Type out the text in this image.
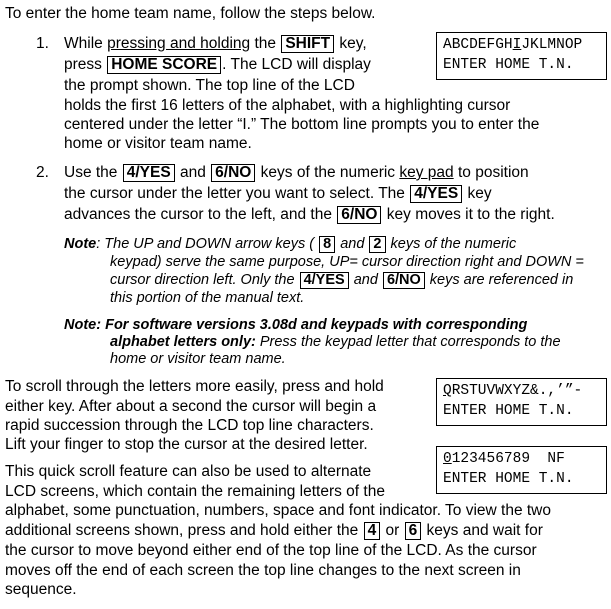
To enter the home team name, follow the steps below.
1. While pressing and holding the SHIFT key,
press HOME SCORE . The LCD will display
the prompt shown. The top line of the LCD
holds the first 16 letters of the alphabet, with a highlighting cursor
centered under the letter “I.” The bottom line prompts you to enter the
home or visitor team name.
ABCDEFGHIJKLMNOP
ENTER HOME T.N.
2. Use the 4/YES and 6/NO keys of the numeric key pad to position
the cursor under the letter you want to select. The 4/YES key
advances the cursor to the left, and the 6/NO key moves it to the right.
Note: The UP and DOWN arrow keys ( 8 and 2 keys of the numeric
keypad) serve the same purpose, UP= cursor direction right and DOWN =
cursor direction left. Only the 4/YES and 6/NO keys are referenced in
this portion of the manual text.
Note: For software versions 3.08d and keypads with corresponding
alphabet letters only: Press the keypad letter that corresponds to the
home or visitor team name.
To scroll through the letters more easily, press and hold
either key. After about a second the cursor will begin a
rapid succession through the LCD top line characters.
Lift your finger to stop the cursor at the desired letter.
QRSTUVWXYZ&.,’”-
ENTER HOME T.N.
0123456789  NF
ENTER HOME T.N.
This quick scroll feature can also be used to alternate
LCD screens, which contain the remaining letters of the
alphabet, some punctuation, numbers, space and font indicator. To view the two
additional screens shown, press and hold either the 4 or 6 keys and wait for
the cursor to move beyond either end of the top line of the LCD. As the cursor
moves off the end of each screen the top line changes to the next screen in
sequence.
